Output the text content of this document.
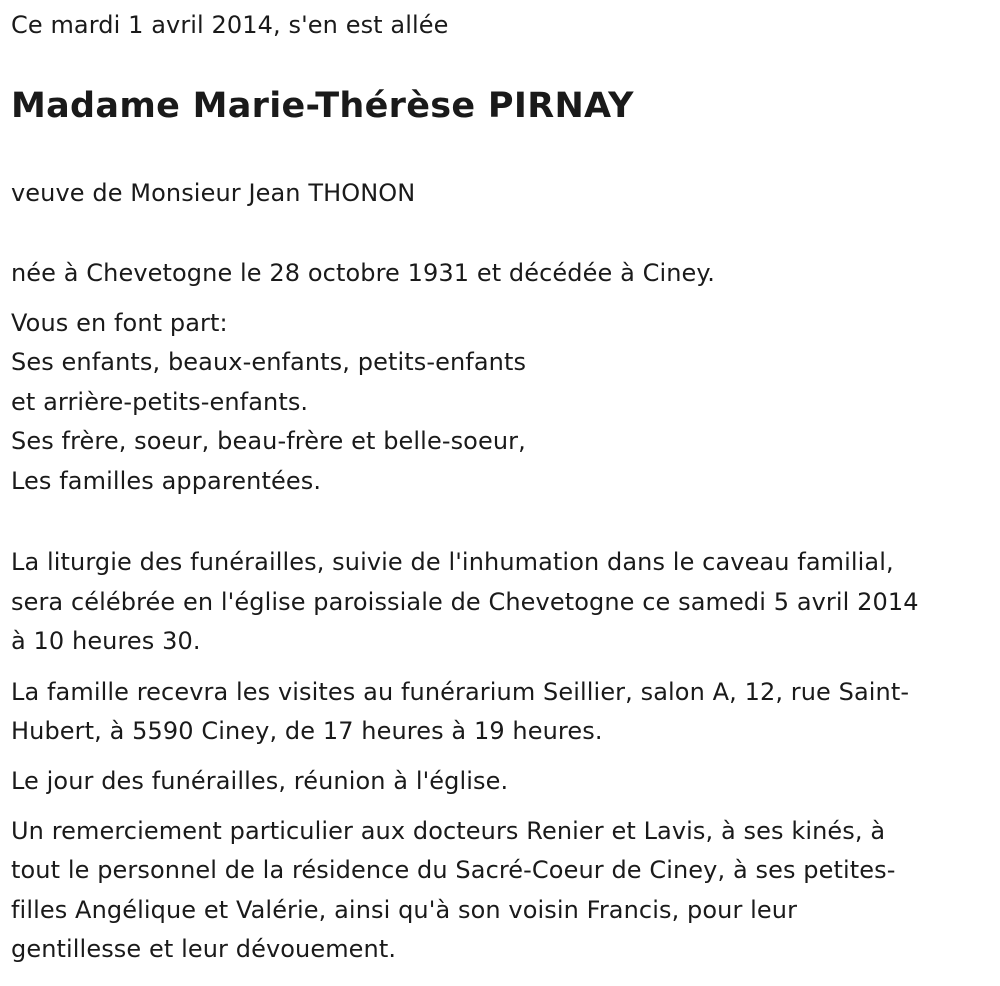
Ce mardi 1 avril 2014, s'en est allée
Madame Marie-Thérèse PIRNAY
veuve de Monsieur Jean THONON
née à Chevetogne le 28 octobre 1931 et décédée à Ciney.
Vous en font part:
Ses enfants, beaux-enfants, petits-enfants
et arrière-petits-enfants.
Ses frère, soeur, beau-frère et belle-soeur,
Les familles apparentées.
La liturgie des funérailles, suivie de l'inhumation dans le caveau familial,
sera célébrée en l'église paroissiale de Chevetogne ce samedi 5 avril 2014
à 10 heures 30.
La famille recevra les visites au funérarium Seillier, salon A, 12, rue Saint-
Hubert, à 5590 Ciney, de 17 heures à 19 heures.
Le jour des funérailles, réunion à l'église.
Un remerciement particulier aux docteurs Renier et Lavis, à ses kinés, à
tout le personnel de la résidence du Sacré-Coeur de Ciney, à ses petites-
filles Angélique et Valérie, ainsi qu'à son voisin Francis, pour leur
gentillesse et leur dévouement.
